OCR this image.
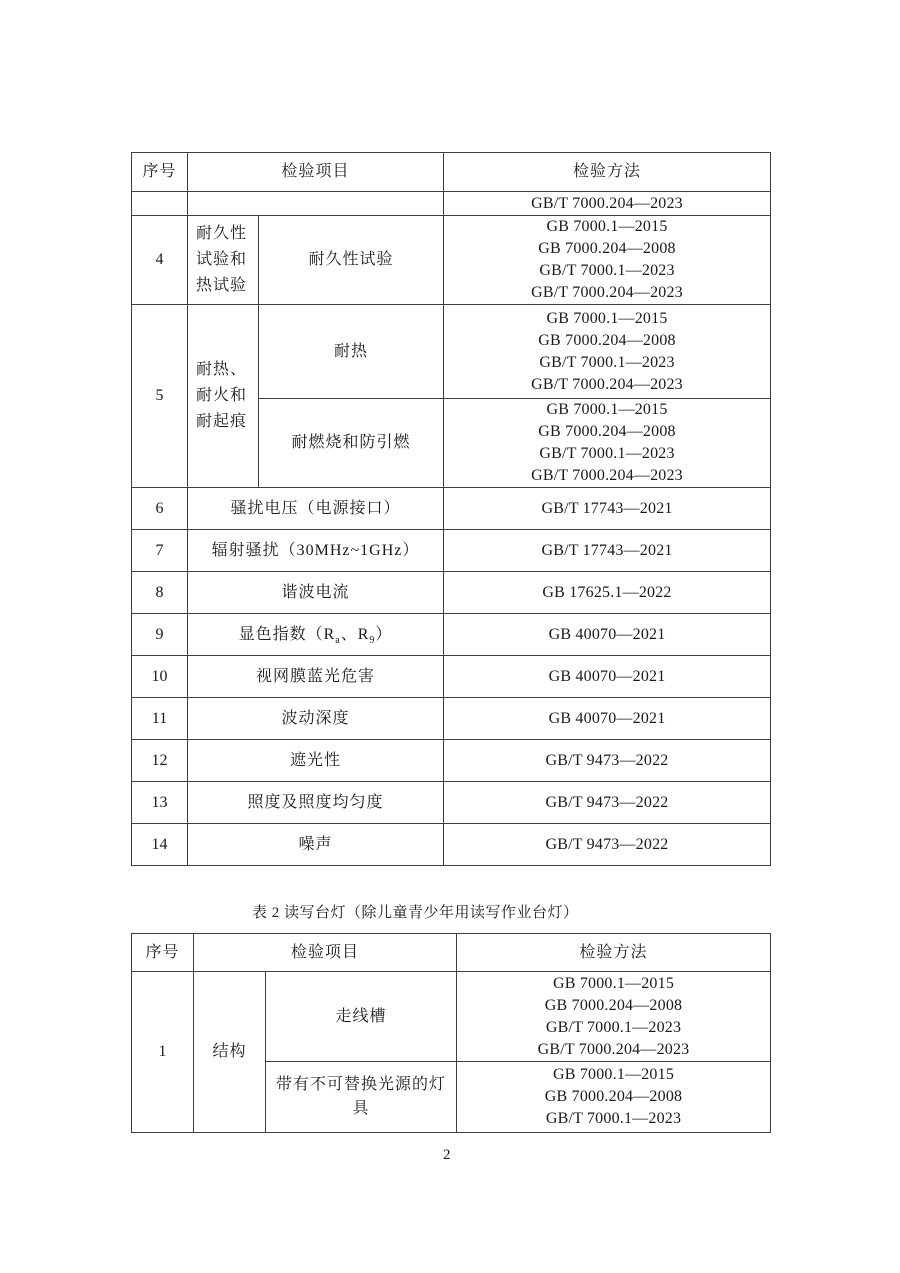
序号	检验项目		检验方法

			GB/T 7000.204—2023

4	耐久性试验和热试验	耐久性试验	GB 7000.1—2015
GB 7000.204—2008
GB/T 7000.1—2023
GB/T 7000.204—2023

5	耐热、耐火和耐起痕	耐热	GB 7000.1—2015
GB 7000.204—2008
GB/T 7000.1—2023
GB/T 7000.204—2023

		耐燃烧和防引燃	GB 7000.1—2015
GB 7000.204—2008
GB/T 7000.1—2023
GB/T 7000.204—2023

6	骚扰电压（电源接口）		GB/T 17743—2021
7	辐射骚扰（30MHz~1GHz）		GB/T 17743—2021
8	谐波电流		GB 17625.1—2022
9	显色指数（$R_a$、$R_9$）		GB 40070—2021
10	视网膜蓝光危害		GB 40070—2021
11	波动深度		GB 40070—2021
12	遮光性		GB/T 9473—2022
13	照度及照度均匀度		GB/T 9473—2022
14	噪声		GB/T 9473—2022
表 2 读写台灯（除儿童青少年用读写作业台灯）
序号	检验项目		检验方法
1	结构	走线槽	GB 7000.1—2015
GB 7000.204—2008
GB/T 7000.1—2023
GB/T 7000.204—2023

		带有不可替换光源的灯具	GB 7000.1—2015
GB 7000.204—2008
GB/T 7000.1—2023
2
